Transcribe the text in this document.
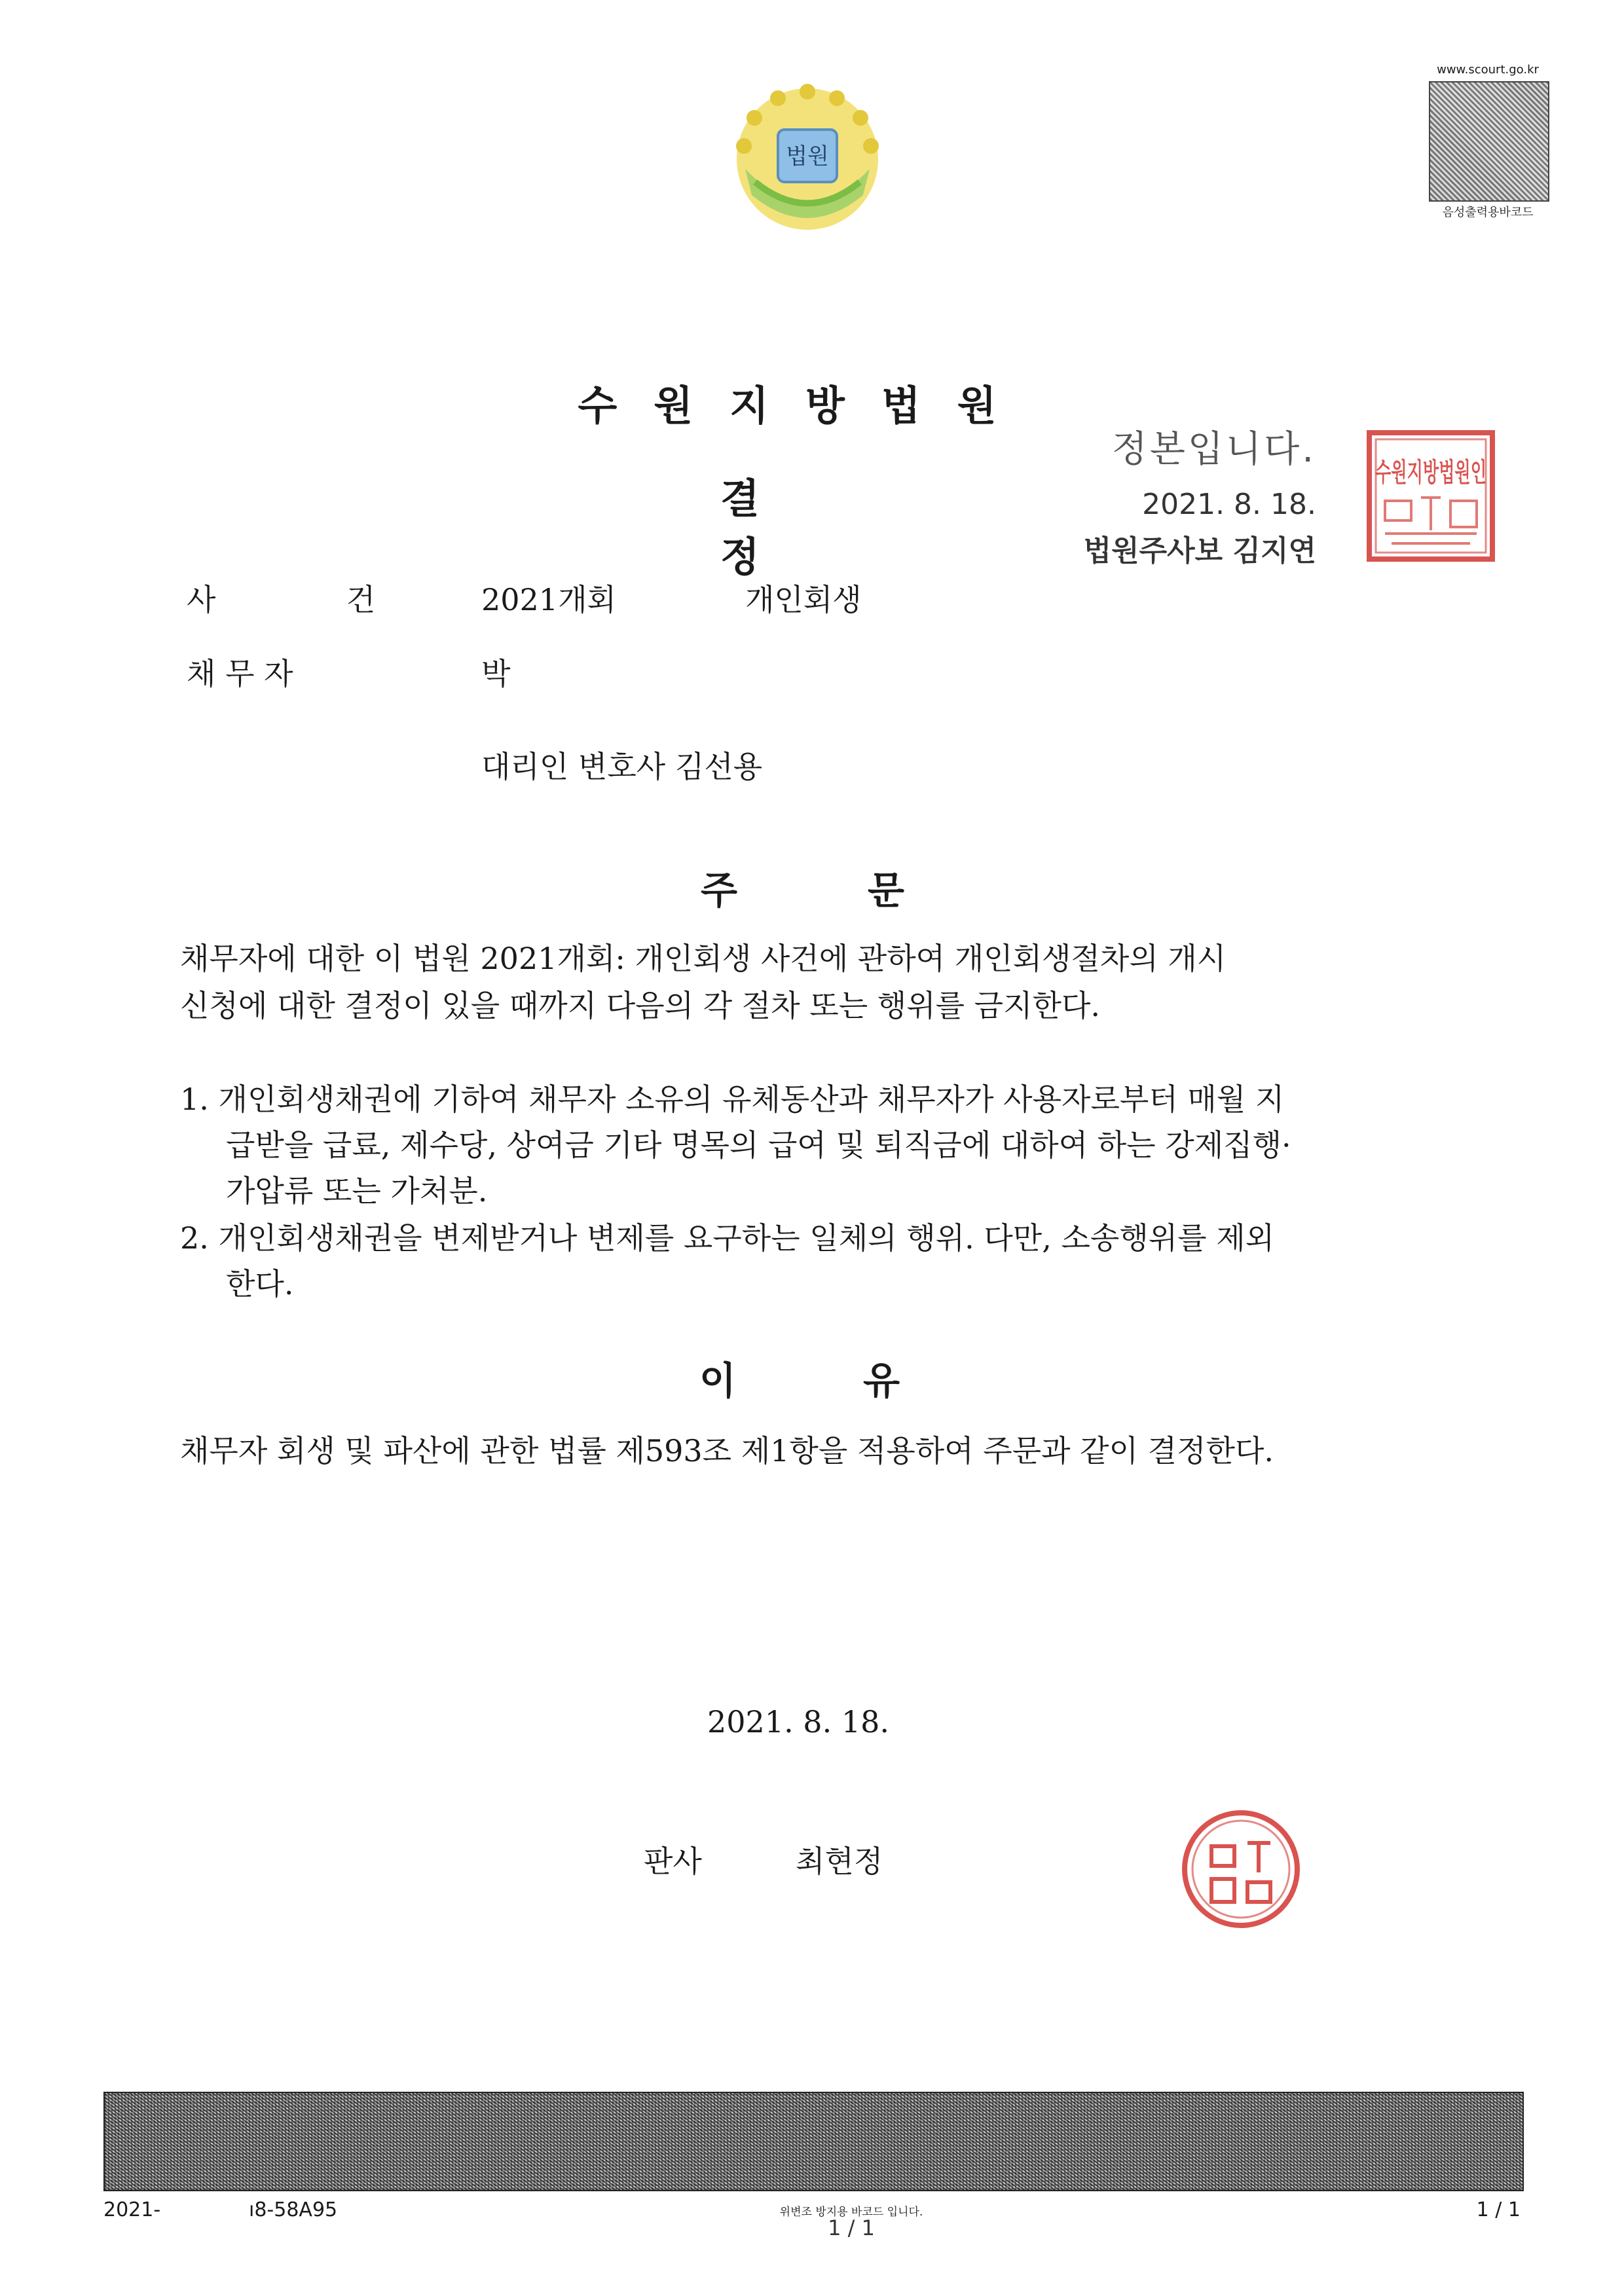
법원
www.scourt.go.kr
음성출력용바코드
수원지방법원
결정
정본입니다.
2021. 8. 18.
법원주사보 김지연
수원지방법원인
사	건	2021개회	개인회생
채 무 자	박
대리인 변호사 김선용
주	문
채무자에 대한 이 법원 2021개회: 개인회생 사건에 관하여 개인회생절차의 개시
신청에 대한 결정이 있을 때까지 다음의 각 절차 또는 행위를 금지한다.
1. 개인회생채권에 기하여 채무자 소유의 유체동산과 채무자가 사용자로부터 매월 지
급받을 급료, 제수당, 상여금 기타 명목의 급여 및 퇴직금에 대하여 하는 강제집행·
가압류 또는 가처분.
2. 개인회생채권을 변제받거나 변제를 요구하는 일체의 행위. 다만, 소송행위를 제외
한다.
이	유
채무자 회생 및 파산에 관한 법률 제593조 제1항을 적용하여 주문과 같이 결정한다.
2021. 8. 18.
판사	최현정
2021-	ı8-58A95	위변조 방지용 바코드 입니다.
1 / 1
1 / 1
